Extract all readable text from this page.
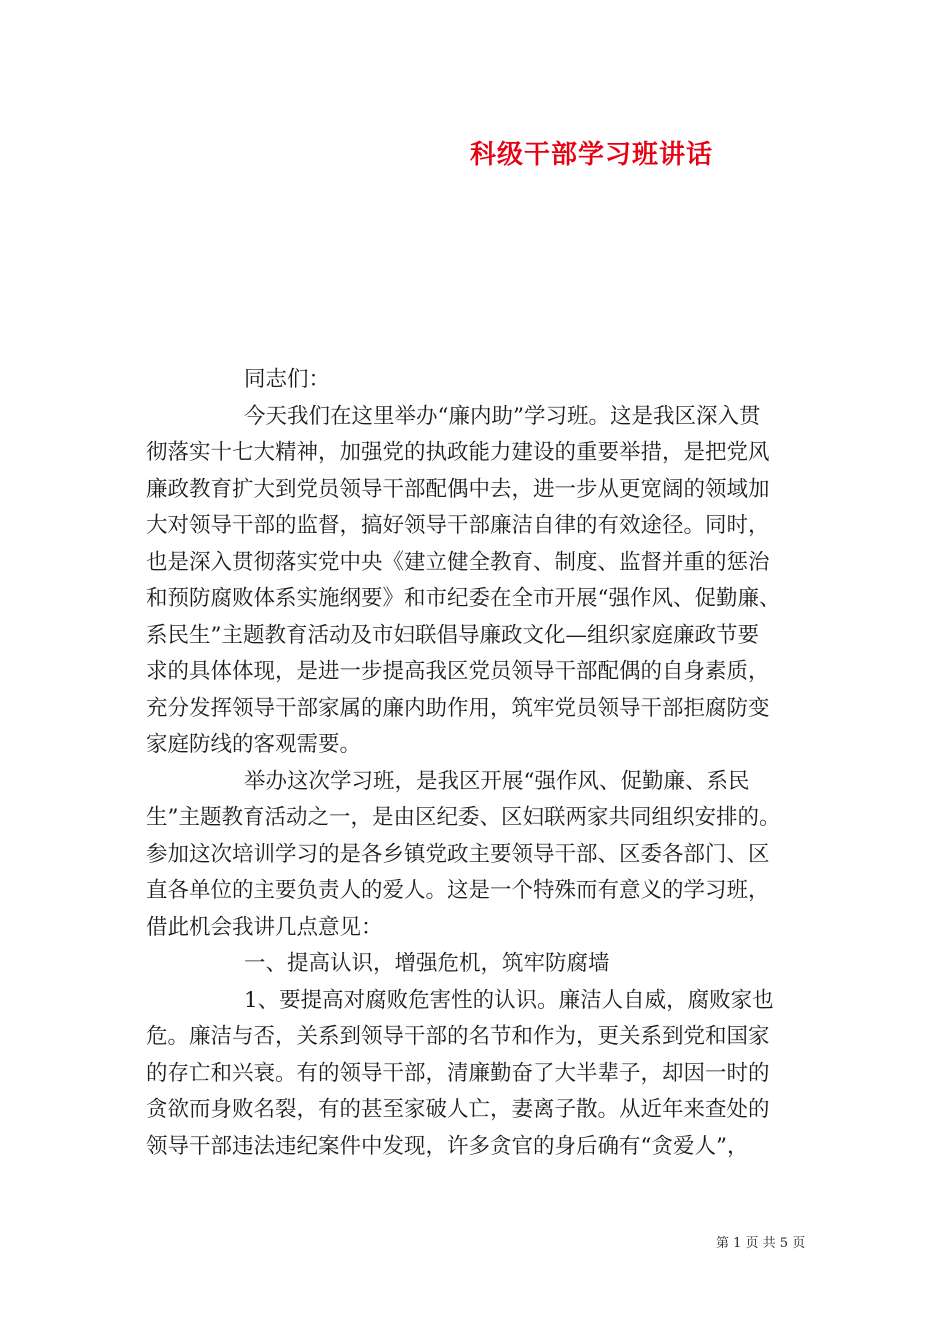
科级干部学习班讲话
同志们：
今天我们在这里举办“廉内助”学习班。这是我区深入贯
彻落实十七大精神，加强党的执政能力建设的重要举措，是把党风
廉政教育扩大到党员领导干部配偶中去，进一步从更宽阔的领域加
大对领导干部的监督，搞好领导干部廉洁自律的有效途径。同时，
也是深入贯彻落实党中央《建立健全教育、制度、监督并重的惩治
和预防腐败体系实施纲要》和市纪委在全市开展“强作风、促勤廉、
系民生”主题教育活动及市妇联倡导廉政文化—组织家庭廉政节要
求的具体体现，是进一步提高我区党员领导干部配偶的自身素质，
充分发挥领导干部家属的廉内助作用，筑牢党员领导干部拒腐防变
家庭防线的客观需要。
举办这次学习班，是我区开展“强作风、促勤廉、系民
生”主题教育活动之一，是由区纪委、区妇联两家共同组织安排的。
参加这次培训学习的是各乡镇党政主要领导干部、区委各部门、区
直各单位的主要负责人的爱人。这是一个特殊而有意义的学习班，
借此机会我讲几点意见：
一、提高认识，增强危机，筑牢防腐墙
1、要提高对腐败危害性的认识。廉洁人自威，腐败家也
危。廉洁与否，关系到领导干部的名节和作为，更关系到党和国家
的存亡和兴衰。有的领导干部，清廉勤奋了大半辈子，却因一时的
贪欲而身败名裂，有的甚至家破人亡，妻离子散。从近年来查处的
领导干部违法违纪案件中发现，许多贪官的身后确有“贪爱人”，
第 1 页 共 5 页
